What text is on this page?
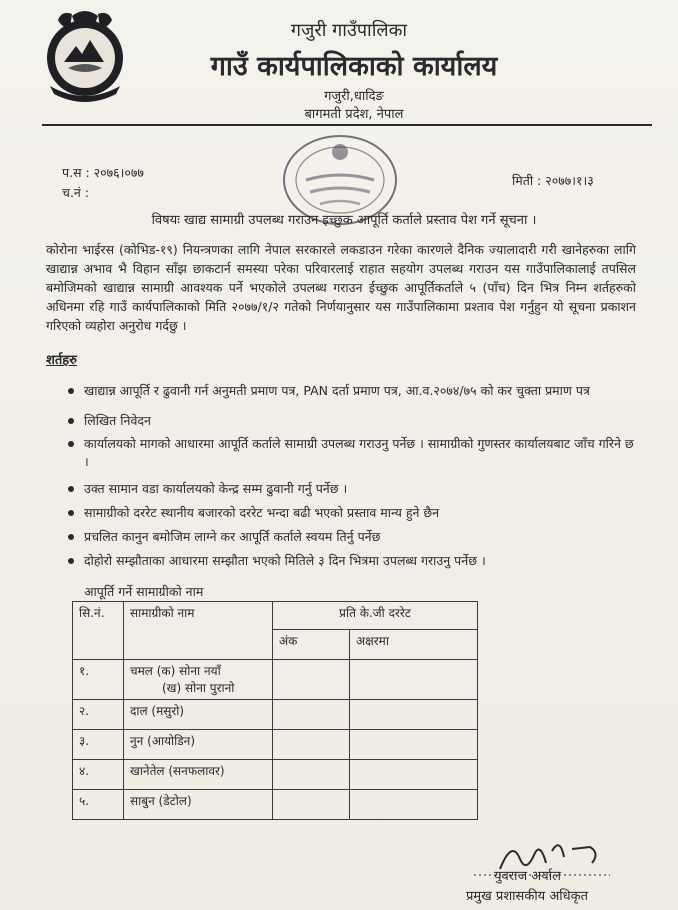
गजुरी गाउँपालिका
गाउँ कार्यपालिकाको कार्यालय
गजुरी,धादिङ
बागमती प्रदेश, नेपाल
प.स : २०७६।०७७
च.नं :
मिती : २०७७।१।३
विषयः खाद्य सामाग्री उपलब्ध गराउन इच्छुक आपूर्ति कर्ताले प्रस्ताव पेश गर्ने सूचना ।
कोरोना भाईरस (कोभिड-१९) नियन्त्रणका लागि नेपाल सरकारले लकडाउन गरेका कारणले दैनिक ज्यालादारी गरी खानेहरुका लागि खाद्यान्न अभाव भै विहान साँझ छाकटार्न समस्या परेका परिवारलाई राहात सहयोग उपलब्ध गराउन यस गाउँपालिकालाई तपसिल बमोजिमको खाद्यान्न सामाग्री आवश्यक पर्ने भएकोले उपलब्ध गराउन ईच्छुक आपूर्तिकर्ताले ५ (पाँच) दिन भित्र निम्न शर्तहरुको अधिनमा रहि गाउँ कार्यपालिकाको मिति २०७७/१/२ गतेको निर्णयानुसार यस गाउँपालिकामा प्रश्ताव पेश गर्नुहुन यो सूचना प्रकाशन गरिएको व्यहोरा अनुरोध गर्दछु ।
शर्तहरु
खाद्यान्न आपूर्ति र ढुवानी गर्न अनुमती प्रमाण पत्र, PAN दर्ता प्रमाण पत्र, आ.व.२०७४/७५ को कर चुक्ता प्रमाण पत्र
लिखित निवेदन
कार्यालयको मागको आधारमा आपूर्ति कर्ताले सामाग्री उपलब्ध गराउनु पर्नेछ । सामाग्रीको गुणस्तर कार्यालयबाट जाँच गरिने छ ।
उक्त सामान वडा कार्यालयको केन्द्र सम्म ढुवानी गर्नु पर्नेछ ।
सामाग्रीको दररेट स्थानीय बजारको दररेट भन्दा बढी भएको प्रस्ताव मान्य हुने छैन
प्रचलित कानुन बमोजिम लाग्ने कर आपूर्ति कर्ताले स्वयम तिर्नु पर्नेछ
दोहोरो सम्झौताका आधारमा सम्झौता भएको मितिले ३ दिन भित्रमा उपलब्ध गराउनु पर्नेछ ।
आपूर्ति गर्ने सामाग्रीको नाम
सि.नं.	सामाग्रीको नाम	प्रति के.जी दररेट	
		अंक	अक्षरमा
१.	चमल (क) सोना नयाँ
(ख) सोना पुरानो		

२.	दाल (मसुरो)		
३.	नुन (आयोडिन)		
४.	खानेतेल (सनफलावर)		
५.	साबुन (डेटोल)		
युवराज अर्याल
प्रमुख प्रशासकीय अधिकृत
